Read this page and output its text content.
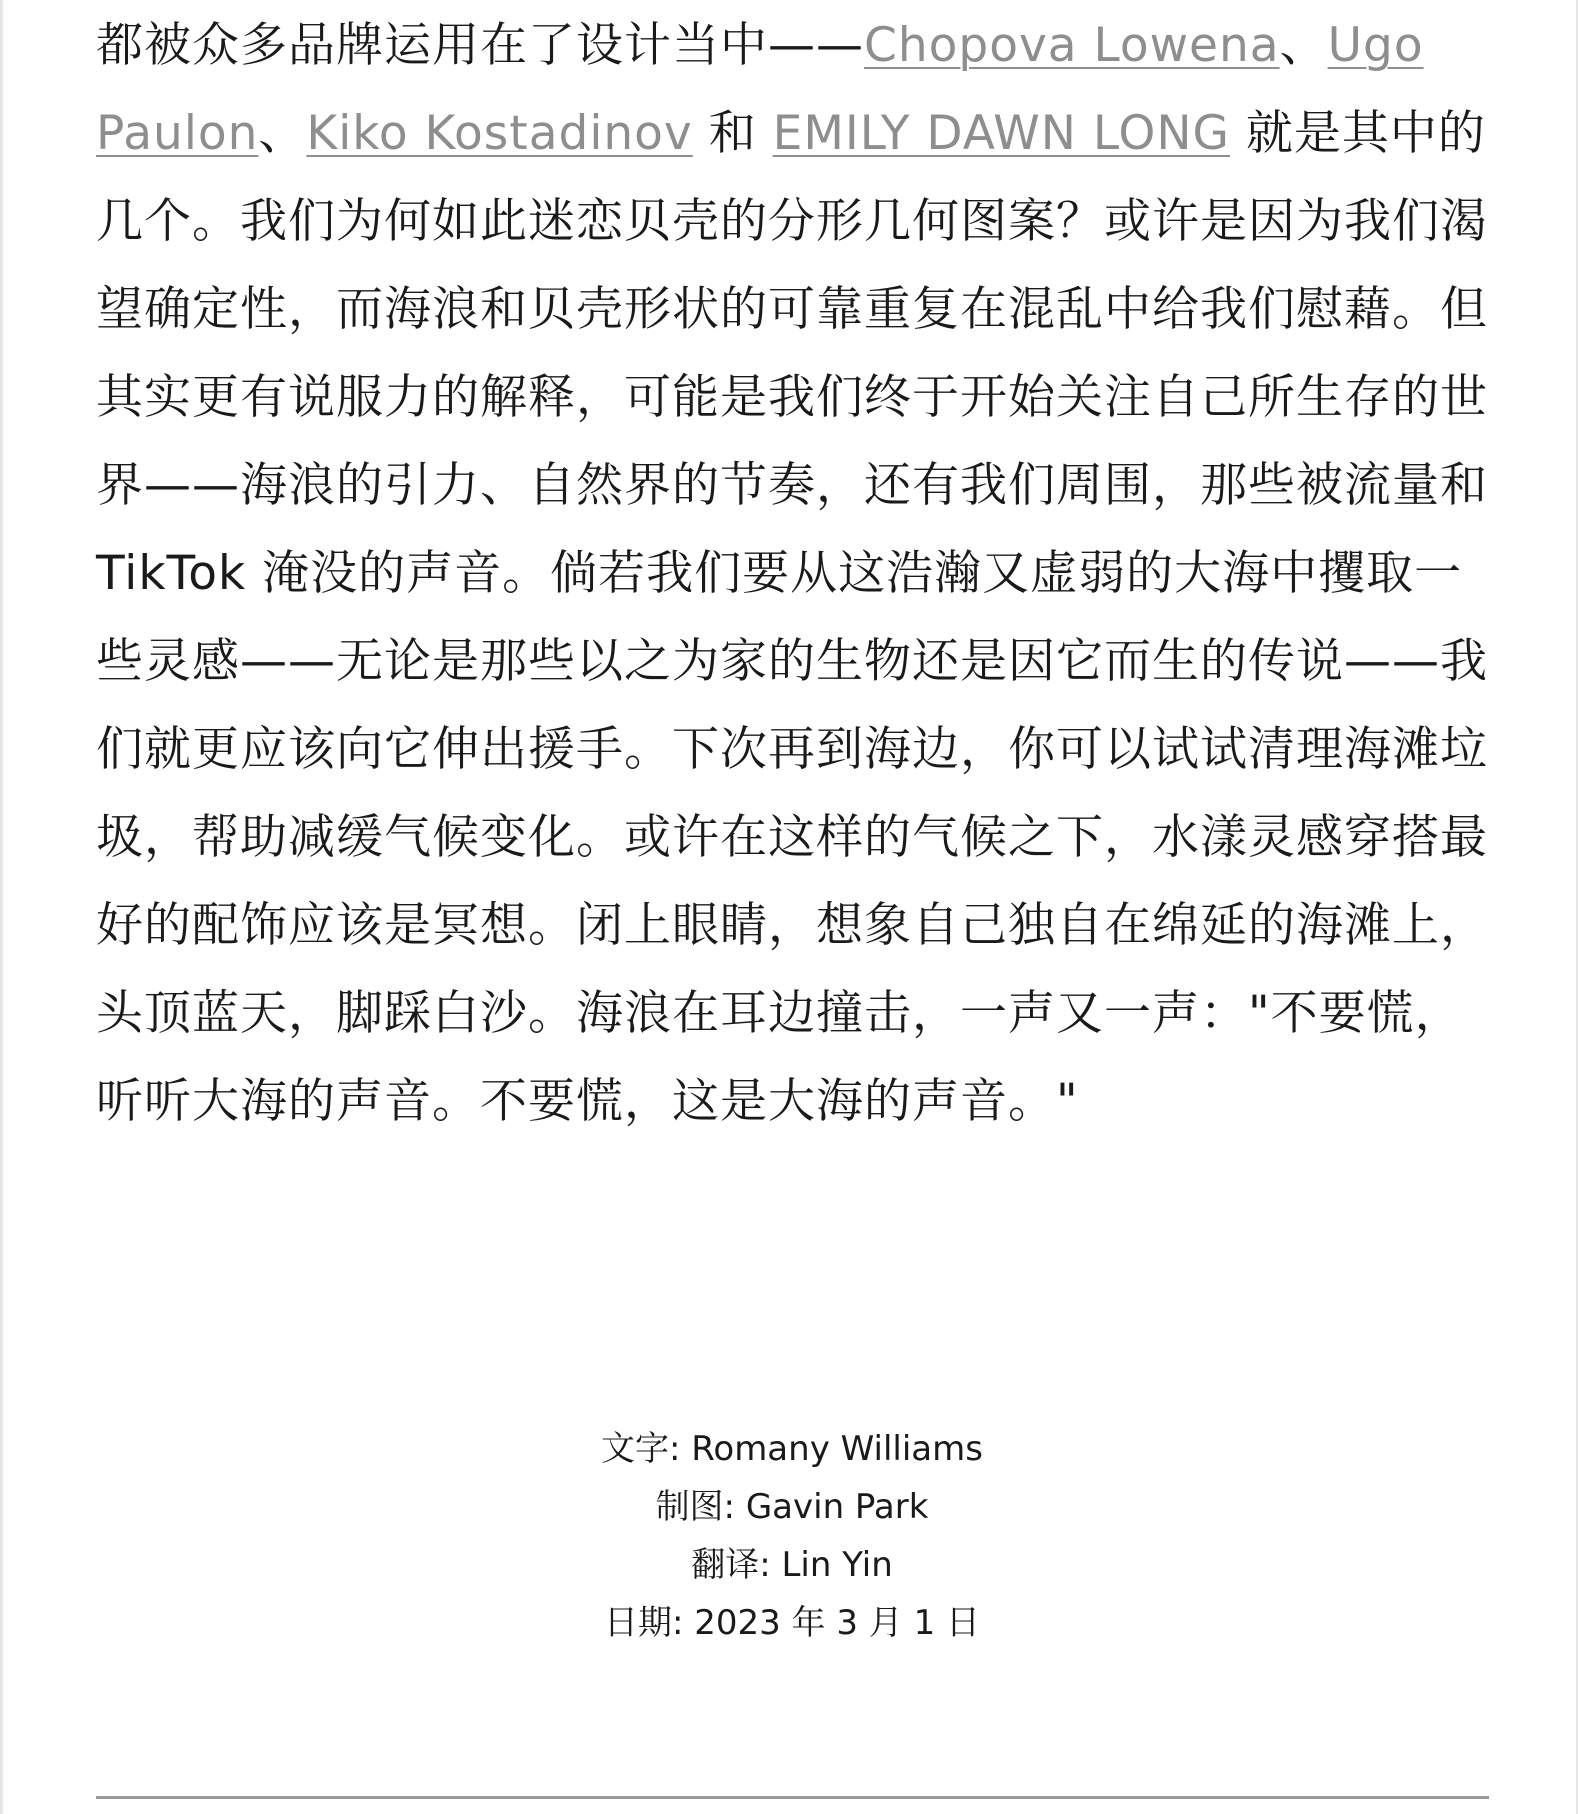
都被众多品牌运用在了设计当中——Chopova Lowena、Ugo Paulon、Kiko Kostadinov 和 EMILY DAWN LONG 就是其中的几个。我们为何如此迷恋贝壳的分形几何图案？或许是因为我们渴望确定性，而海浪和贝壳形状的可靠重复在混乱中给我们慰藉。但其实更有说服力的解释，可能是我们终于开始关注自己所生存的世界——海浪的引力、自然界的节奏，还有我们周围，那些被流量和 TikTok 淹没的声音。倘若我们要从这浩瀚又虚弱的大海中攫取一些灵感——无论是那些以之为家的生物还是因它而生的传说——我们就更应该向它伸出援手。下次再到海边，你可以试试清理海滩垃圾，帮助减缓气候变化。或许在这样的气候之下，水漾灵感穿搭最好的配饰应该是冥想。闭上眼睛，想象自己独自在绵延的海滩上，头顶蓝天，脚踩白沙。海浪在耳边撞击，一声又一声："不要慌，听听大海的声音。不要慌，这是大海的声音。"
文字: Romany Williams
制图: Gavin Park
翻译: Lin Yin
日期: 2023 年 3 月 1 日
